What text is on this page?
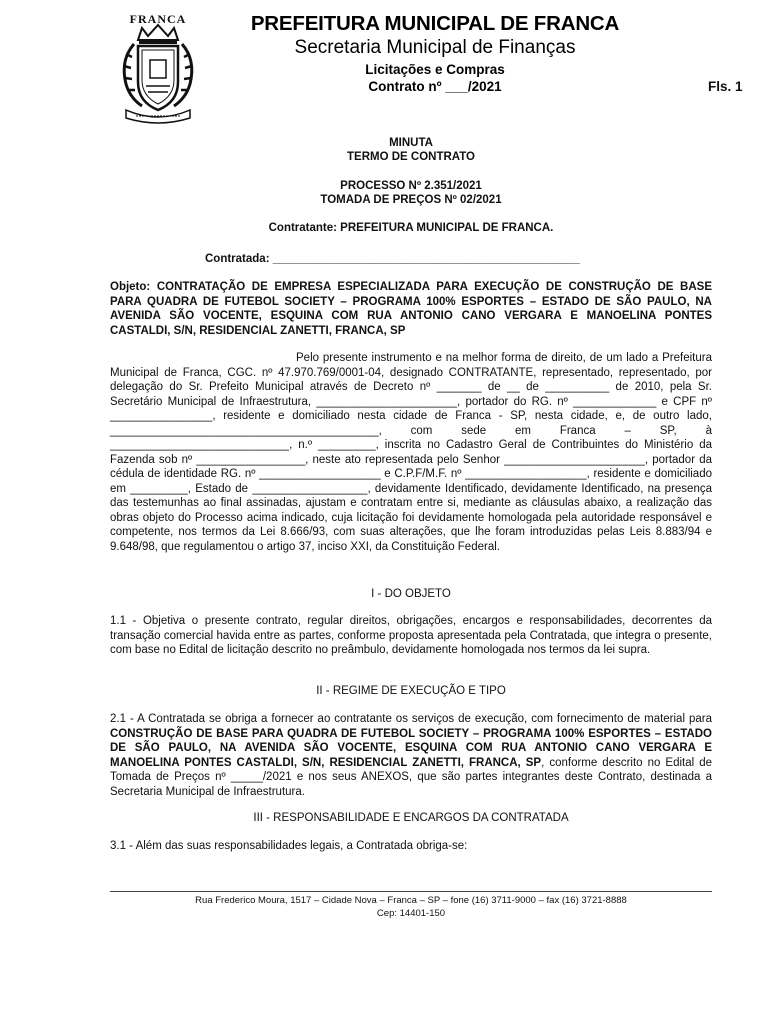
FRANCA	PREFEITURA MUNICIPAL DE FRANCA
Secretaria Municipal de Finanças
Licitações e Compras
Contrato nº ___/2021	Fls. 1
MINUTA
TERMO DE CONTRATO
PROCESSO Nº 2.351/2021
TOMADA DE PREÇOS Nº 02/2021
Contratante: PREFEITURA MUNICIPAL DE FRANCA.
Contratada: ________________________________________________
Objeto: CONTRATAÇÃO DE EMPRESA ESPECIALIZADA PARA EXECUÇÃO DE CONSTRUÇÃO DE BASE PARA QUADRA DE FUTEBOL SOCIETY – PROGRAMA 100% ESPORTES – ESTADO DE SÃO PAULO, NA AVENIDA SÃO VOCENTE, ESQUINA COM RUA ANTONIO CANO VERGARA E MANOELINA PONTES CASTALDI, S/N, RESIDENCIAL ZANETTI, FRANCA, SP
Pelo presente instrumento e na melhor forma de direito, de um lado a Prefeitura Municipal de Franca, CGC. nº 47.970.769/0001-04, designado CONTRATANTE, representado, representado, por delegação do Sr. Prefeito Municipal através de Decreto nº _______ de __ de __________ de 2010, pela Sr. Secretário Municipal de Infraestrutura, ______________________, portador do RG. nº _____________ e CPF nº ________________, residente e domiciliado nesta cidade de Franca - SP, nesta cidade, e, de outro lado, __________________________________________, com sede em Franca – SP, à ____________________________, n.º _________, inscrita no Cadastro Geral de Contribuintes do Ministério da Fazenda sob nº _________________, neste ato representada pelo Senhor ______________________, portador da cédula de identidade RG. nº ___________________ e C.P.F/M.F. nº ___________________, residente e domiciliado em _________, Estado de __________________, devidamente Identificado, devidamente Identificado, na presença das testemunhas ao final assinadas, ajustam e contratam entre si, mediante as cláusulas abaixo, a realização das obras objeto do Processo acima indicado, cuja licitação foi devidamente homologada pela autoridade responsável e competente, nos termos da Lei 8.666/93, com suas alterações, que lhe foram introduzidas pelas Leis 8.883/94 e 9.648/98, que regulamentou o artigo 37, inciso XXI, da Constituição Federal.
I - DO OBJETO
1.1 - Objetiva o presente contrato, regular direitos, obrigações, encargos e responsabilidades, decorrentes da transação comercial havida entre as partes, conforme proposta apresentada pela Contratada, que integra o presente, com base no Edital de licitação descrito no preâmbulo, devidamente homologada nos termos da lei supra.
II - REGIME DE EXECUÇÃO E TIPO
2.1 - A Contratada se obriga a fornecer ao contratante os serviços de execução, com fornecimento de material para CONSTRUÇÃO DE BASE PARA QUADRA DE FUTEBOL SOCIETY – PROGRAMA 100% ESPORTES – ESTADO DE SÃO PAULO, NA AVENIDA SÃO VOCENTE, ESQUINA COM RUA ANTONIO CANO VERGARA E MANOELINA PONTES CASTALDI, S/N, RESIDENCIAL ZANETTI, FRANCA, SP, conforme descrito no Edital de Tomada de Preços nº _____/2021 e nos seus ANEXOS, que são partes integrantes deste Contrato, destinada a Secretaria Municipal de Infraestrutura.
III - RESPONSABILIDADE E ENCARGOS DA CONTRATADA
3.1 - Além das suas responsabilidades legais, a Contratada obriga-se:
Rua Frederico Moura, 1517 – Cidade Nova – Franca – SP – fone (16) 3711-9000 – fax (16) 3721-8888
Cep: 14401-150
